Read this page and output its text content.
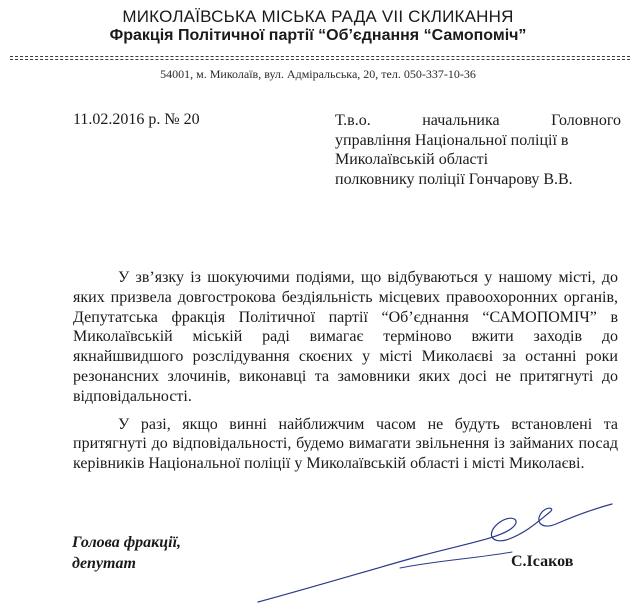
МИКОЛАЇВСЬКА МІСЬКА РАДА VII СКЛИКАННЯ
Фракція Політичної партії “Об’єднання “Самопоміч”
54001, м. Миколаїв, вул. Адміральська, 20, тел. 050-337-10-36
11.02.2016 р. № 20	Т.в.о.	начальника	Головного
управління Національної поліції в
Миколаївській області
полковнику поліції Гончарову В.В.

У зв’язку із шокуючими подіями, що відбуваються у нашому місті, до яких призвела довгострокова бездіяльність місцевих правоохоронних органів, Депутатська фракція Політичної партії “Об’єднання “САМОПОМІЧ” в Миколаївській міській раді вимагає терміново вжити заходів до якнайшвидшого розслідування скоєних у місті Миколаєві за останні роки резонансних злочинів, виконавці та замовники яких досі не притягнуті до відповідальності.

У разі, якщо винні найближчим часом не будуть встановлені та притягнуті до відповідальності, будемо вимагати звільнення із займаних посад керівників Національної поліції у Миколаївській області і місті Миколаєві.

Голова фракції,
депутат	С.Ісаков
